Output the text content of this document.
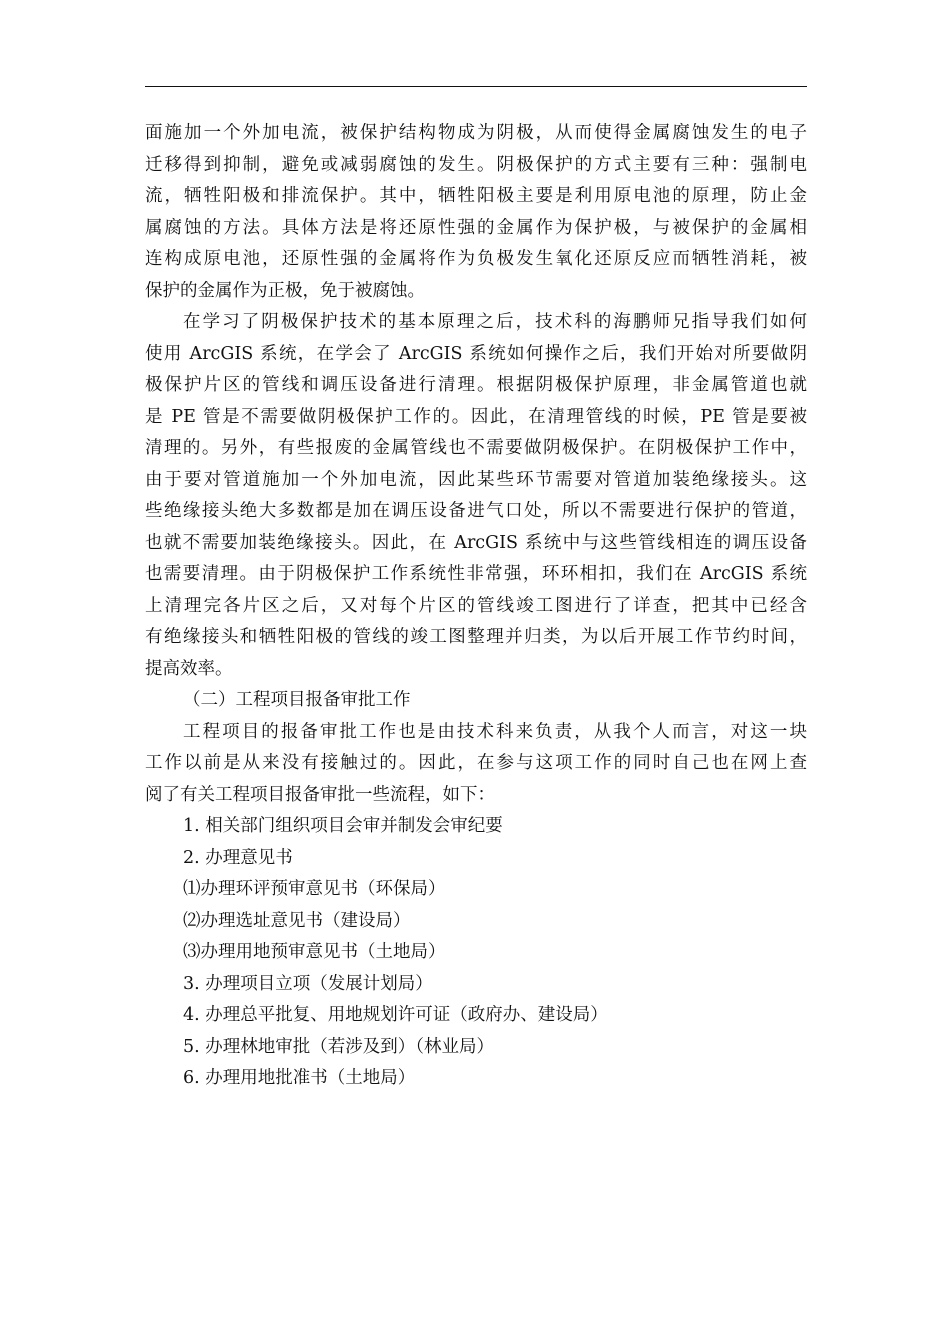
面施加一个外加电流，被保护结构物成为阴极，从而使得金属腐蚀发生的电子
迁移得到抑制，避免或减弱腐蚀的发生。阴极保护的方式主要有三种：强制电
流，牺牲阳极和排流保护。其中，牺牲阳极主要是利用原电池的原理，防止金
属腐蚀的方法。具体方法是将还原性强的金属作为保护极，与被保护的金属相
连构成原电池，还原性强的金属将作为负极发生氧化还原反应而牺牲消耗，被
保护的金属作为正极，免于被腐蚀。
在学习了阴极保护技术的基本原理之后，技术科的海鹏师兄指导我们如何
使用 ArcGIS 系统，在学会了 ArcGIS 系统如何操作之后，我们开始对所要做阴
极保护片区的管线和调压设备进行清理。根据阴极保护原理，非金属管道也就
是 PE 管是不需要做阴极保护工作的。因此，在清理管线的时候，PE 管是要被
清理的。另外，有些报废的金属管线也不需要做阴极保护。在阴极保护工作中，
由于要对管道施加一个外加电流，因此某些环节需要对管道加装绝缘接头。这
些绝缘接头绝大多数都是加在调压设备进气口处，所以不需要进行保护的管道，
也就不需要加装绝缘接头。因此，在 ArcGIS 系统中与这些管线相连的调压设备
也需要清理。由于阴极保护工作系统性非常强，环环相扣，我们在 ArcGIS 系统
上清理完各片区之后，又对每个片区的管线竣工图进行了详查，把其中已经含
有绝缘接头和牺牲阳极的管线的竣工图整理并归类，为以后开展工作节约时间，
提高效率。
（二）工程项目报备审批工作
工程项目的报备审批工作也是由技术科来负责，从我个人而言，对这一块
工作以前是从来没有接触过的。因此，在参与这项工作的同时自己也在网上查
阅了有关工程项目报备审批一些流程，如下：
1. 相关部门组织项目会审并制发会审纪要
2. 办理意见书
⑴办理环评预审意见书（环保局）
⑵办理选址意见书（建设局）
⑶办理用地预审意见书（土地局）
3. 办理项目立项（发展计划局）
4. 办理总平批复、用地规划许可证（政府办、建设局）
5. 办理林地审批（若涉及到）（林业局）
6. 办理用地批准书（土地局）
